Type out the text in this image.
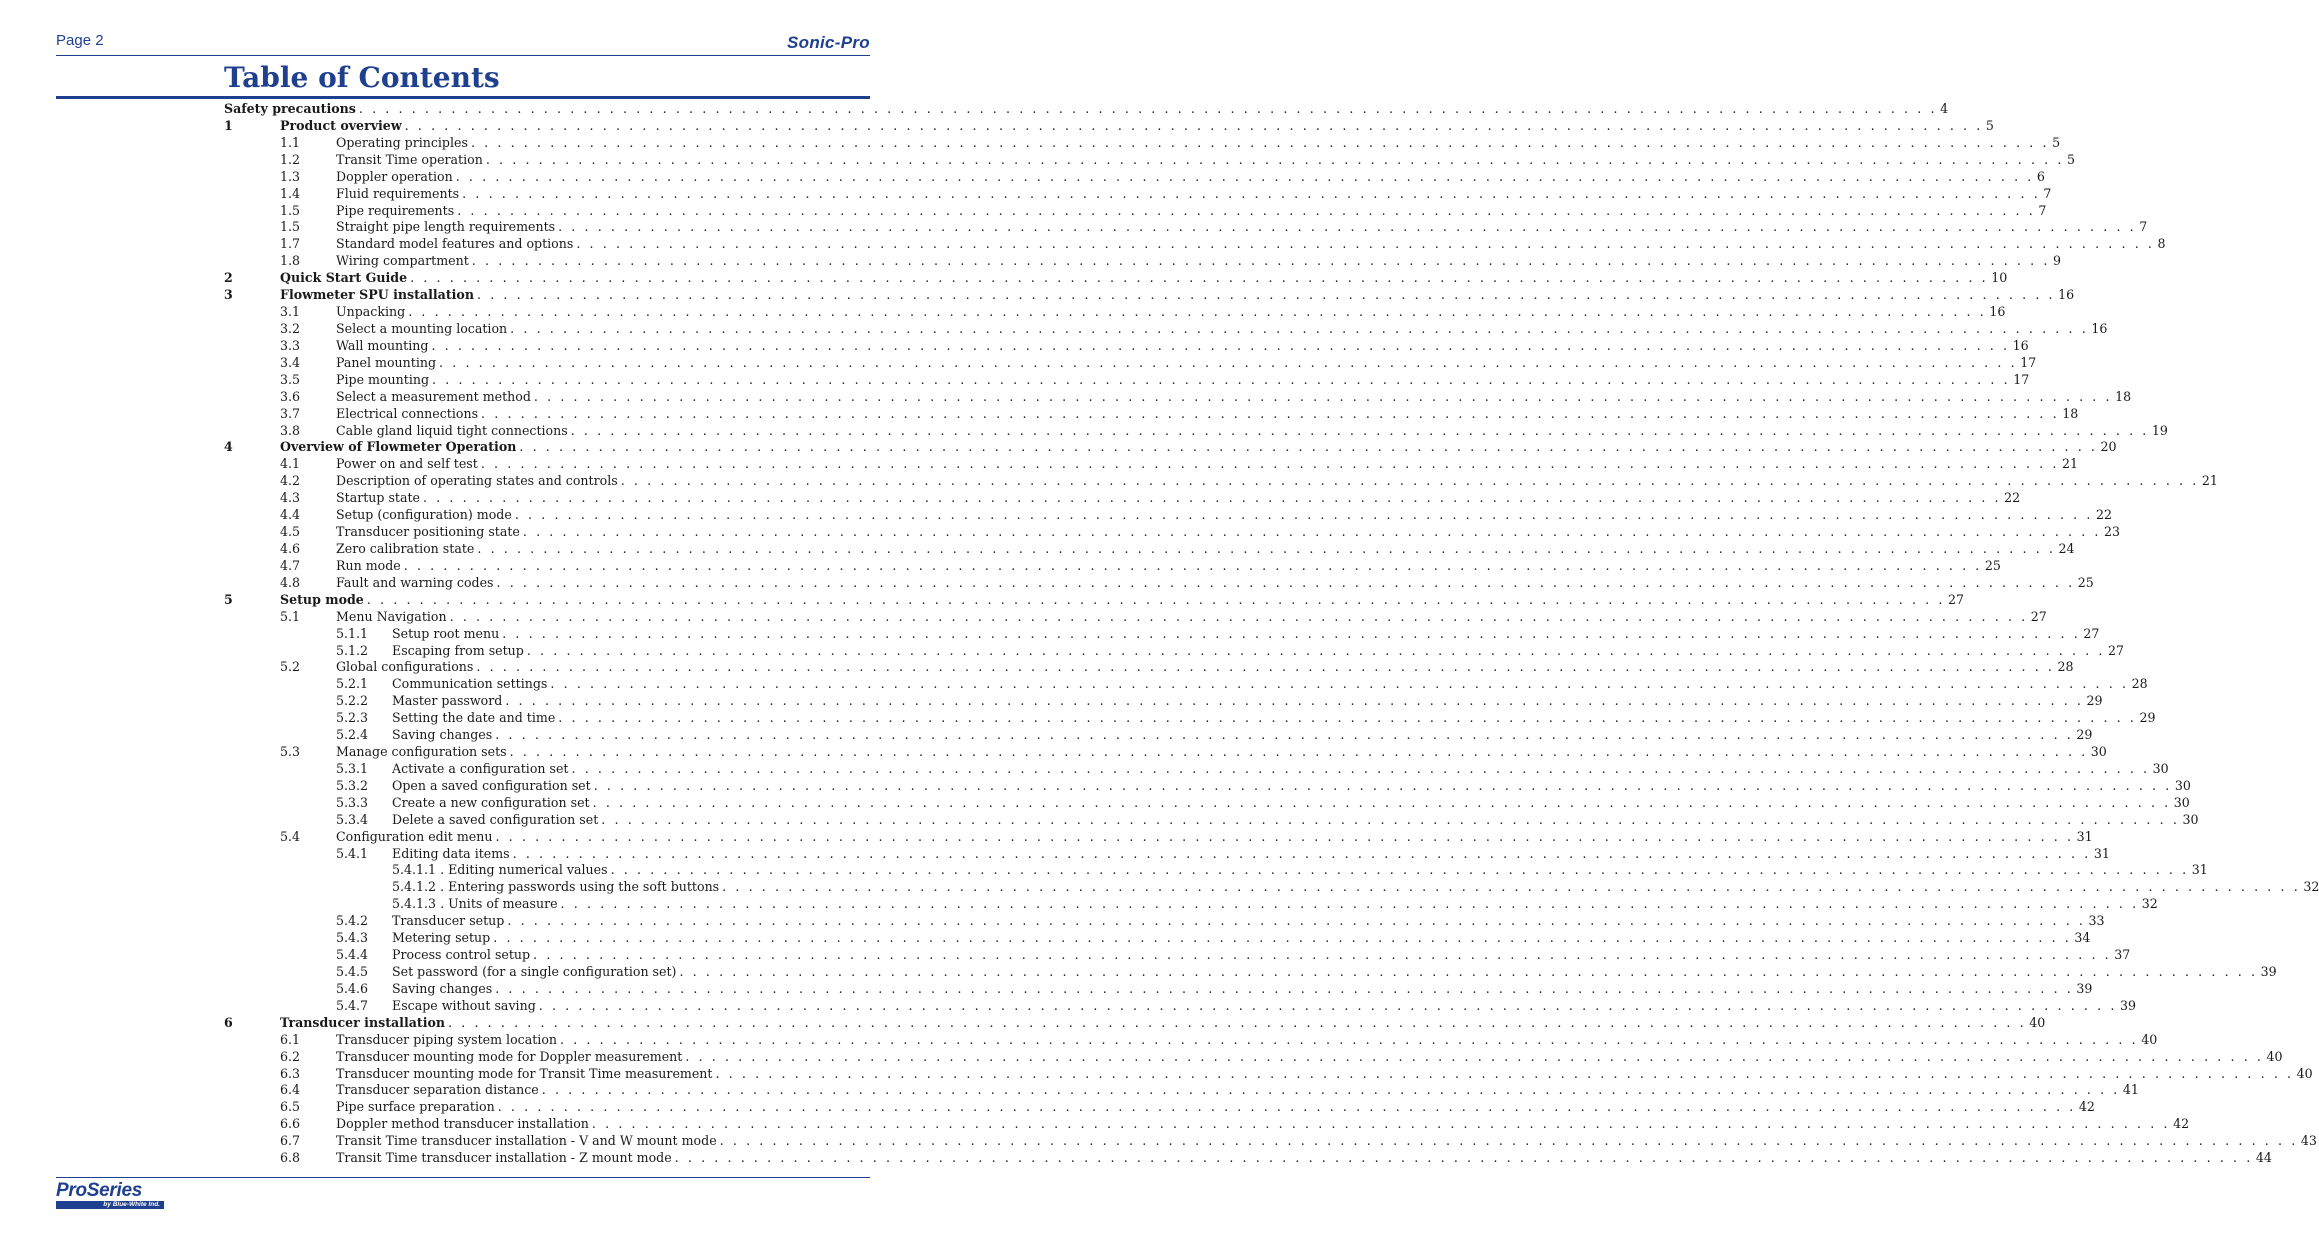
Page 2	Sonic-Pro
Table of Contents
Safety precautions . . . . . . . . . . . . . . . . . . . . . . . . . . . . . . . . . . . . . . . . . . . . . . . . . . . . . . . . . . . . . . . . . . . . . . . . . . . . . . . . . . . . . . . . . . . . . . . . . . . . . . . . . . . . . . . . . . . . . . . . 4
1	Product overview . . . . . . . . . . . . . . . . . . . . . . . . . . . . . . . . . . . . . . . . . . . . . . . . . . . . . . . . . . . . . . . . . . . . . . . . . . . . . . . . . . . . . . . . . . . . . . . . . . . . . . . . . . . . . . . . . . . . . . . . 5
1.1	Operating principles . . . . . . . . . . . . . . . . . . . . . . . . . . . . . . . . . . . . . . . . . . . . . . . . . . . . . . . . . . . . . . . . . . . . . . . . . . . . . . . . . . . . . . . . . . . . . . . . . . . . . . . . . . . . . . . . . . . . . . . . 5
1.2	Transit Time operation . . . . . . . . . . . . . . . . . . . . . . . . . . . . . . . . . . . . . . . . . . . . . . . . . . . . . . . . . . . . . . . . . . . . . . . . . . . . . . . . . . . . . . . . . . . . . . . . . . . . . . . . . . . . . . . . . . . . . . . . 5
1.3	Doppler operation . . . . . . . . . . . . . . . . . . . . . . . . . . . . . . . . . . . . . . . . . . . . . . . . . . . . . . . . . . . . . . . . . . . . . . . . . . . . . . . . . . . . . . . . . . . . . . . . . . . . . . . . . . . . . . . . . . . . . . . . 6
1.4	Fluid requirements . . . . . . . . . . . . . . . . . . . . . . . . . . . . . . . . . . . . . . . . . . . . . . . . . . . . . . . . . . . . . . . . . . . . . . . . . . . . . . . . . . . . . . . . . . . . . . . . . . . . . . . . . . . . . . . . . . . . . . . . 7
1.5	Pipe requirements . . . . . . . . . . . . . . . . . . . . . . . . . . . . . . . . . . . . . . . . . . . . . . . . . . . . . . . . . . . . . . . . . . . . . . . . . . . . . . . . . . . . . . . . . . . . . . . . . . . . . . . . . . . . . . . . . . . . . . . . 7
1.5	Straight pipe length requirements . . . . . . . . . . . . . . . . . . . . . . . . . . . . . . . . . . . . . . . . . . . . . . . . . . . . . . . . . . . . . . . . . . . . . . . . . . . . . . . . . . . . . . . . . . . . . . . . . . . . . . . . . . . . . . . . . . . . . . . . 7
1.7	Standard model features and options . . . . . . . . . . . . . . . . . . . . . . . . . . . . . . . . . . . . . . . . . . . . . . . . . . . . . . . . . . . . . . . . . . . . . . . . . . . . . . . . . . . . . . . . . . . . . . . . . . . . . . . . . . . . . . . . . . . . . . . . 8
1.8	Wiring compartment . . . . . . . . . . . . . . . . . . . . . . . . . . . . . . . . . . . . . . . . . . . . . . . . . . . . . . . . . . . . . . . . . . . . . . . . . . . . . . . . . . . . . . . . . . . . . . . . . . . . . . . . . . . . . . . . . . . . . . . . 9
2	Quick Start Guide . . . . . . . . . . . . . . . . . . . . . . . . . . . . . . . . . . . . . . . . . . . . . . . . . . . . . . . . . . . . . . . . . . . . . . . . . . . . . . . . . . . . . . . . . . . . . . . . . . . . . . . . . . . . . . . . . . . . . . . . 10
3	Flowmeter SPU installation . . . . . . . . . . . . . . . . . . . . . . . . . . . . . . . . . . . . . . . . . . . . . . . . . . . . . . . . . . . . . . . . . . . . . . . . . . . . . . . . . . . . . . . . . . . . . . . . . . . . . . . . . . . . . . . . . . . . . . . . 16
3.1	Unpacking . . . . . . . . . . . . . . . . . . . . . . . . . . . . . . . . . . . . . . . . . . . . . . . . . . . . . . . . . . . . . . . . . . . . . . . . . . . . . . . . . . . . . . . . . . . . . . . . . . . . . . . . . . . . . . . . . . . . . . . . 16
3.2	Select a mounting location . . . . . . . . . . . . . . . . . . . . . . . . . . . . . . . . . . . . . . . . . . . . . . . . . . . . . . . . . . . . . . . . . . . . . . . . . . . . . . . . . . . . . . . . . . . . . . . . . . . . . . . . . . . . . . . . . . . . . . . . 16
3.3	Wall mounting . . . . . . . . . . . . . . . . . . . . . . . . . . . . . . . . . . . . . . . . . . . . . . . . . . . . . . . . . . . . . . . . . . . . . . . . . . . . . . . . . . . . . . . . . . . . . . . . . . . . . . . . . . . . . . . . . . . . . . . . 16
3.4	Panel mounting . . . . . . . . . . . . . . . . . . . . . . . . . . . . . . . . . . . . . . . . . . . . . . . . . . . . . . . . . . . . . . . . . . . . . . . . . . . . . . . . . . . . . . . . . . . . . . . . . . . . . . . . . . . . . . . . . . . . . . . . 17
3.5	Pipe mounting . . . . . . . . . . . . . . . . . . . . . . . . . . . . . . . . . . . . . . . . . . . . . . . . . . . . . . . . . . . . . . . . . . . . . . . . . . . . . . . . . . . . . . . . . . . . . . . . . . . . . . . . . . . . . . . . . . . . . . . . 17
3.6	Select a measurement method . . . . . . . . . . . . . . . . . . . . . . . . . . . . . . . . . . . . . . . . . . . . . . . . . . . . . . . . . . . . . . . . . . . . . . . . . . . . . . . . . . . . . . . . . . . . . . . . . . . . . . . . . . . . . . . . . . . . . . . . 18
3.7	Electrical connections . . . . . . . . . . . . . . . . . . . . . . . . . . . . . . . . . . . . . . . . . . . . . . . . . . . . . . . . . . . . . . . . . . . . . . . . . . . . . . . . . . . . . . . . . . . . . . . . . . . . . . . . . . . . . . . . . . . . . . . . 18
3.8	Cable gland liquid tight connections . . . . . . . . . . . . . . . . . . . . . . . . . . . . . . . . . . . . . . . . . . . . . . . . . . . . . . . . . . . . . . . . . . . . . . . . . . . . . . . . . . . . . . . . . . . . . . . . . . . . . . . . . . . . . . . . . . . . . . . . 19
4	Overview of Flowmeter Operation . . . . . . . . . . . . . . . . . . . . . . . . . . . . . . . . . . . . . . . . . . . . . . . . . . . . . . . . . . . . . . . . . . . . . . . . . . . . . . . . . . . . . . . . . . . . . . . . . . . . . . . . . . . . . . . . . . . . . . . . 20
4.1	Power on and self test . . . . . . . . . . . . . . . . . . . . . . . . . . . . . . . . . . . . . . . . . . . . . . . . . . . . . . . . . . . . . . . . . . . . . . . . . . . . . . . . . . . . . . . . . . . . . . . . . . . . . . . . . . . . . . . . . . . . . . . . 21
4.2	Description of operating states and controls . . . . . . . . . . . . . . . . . . . . . . . . . . . . . . . . . . . . . . . . . . . . . . . . . . . . . . . . . . . . . . . . . . . . . . . . . . . . . . . . . . . . . . . . . . . . . . . . . . . . . . . . . . . . . . . . . . . . . . . . 21
4.3	Startup state . . . . . . . . . . . . . . . . . . . . . . . . . . . . . . . . . . . . . . . . . . . . . . . . . . . . . . . . . . . . . . . . . . . . . . . . . . . . . . . . . . . . . . . . . . . . . . . . . . . . . . . . . . . . . . . . . . . . . . . . 22
4.4	Setup (configuration) mode . . . . . . . . . . . . . . . . . . . . . . . . . . . . . . . . . . . . . . . . . . . . . . . . . . . . . . . . . . . . . . . . . . . . . . . . . . . . . . . . . . . . . . . . . . . . . . . . . . . . . . . . . . . . . . . . . . . . . . . . 22
4.5	Transducer positioning state . . . . . . . . . . . . . . . . . . . . . . . . . . . . . . . . . . . . . . . . . . . . . . . . . . . . . . . . . . . . . . . . . . . . . . . . . . . . . . . . . . . . . . . . . . . . . . . . . . . . . . . . . . . . . . . . . . . . . . . . 23
4.6	Zero calibration state . . . . . . . . . . . . . . . . . . . . . . . . . . . . . . . . . . . . . . . . . . . . . . . . . . . . . . . . . . . . . . . . . . . . . . . . . . . . . . . . . . . . . . . . . . . . . . . . . . . . . . . . . . . . . . . . . . . . . . . . 24
4.7	Run mode . . . . . . . . . . . . . . . . . . . . . . . . . . . . . . . . . . . . . . . . . . . . . . . . . . . . . . . . . . . . . . . . . . . . . . . . . . . . . . . . . . . . . . . . . . . . . . . . . . . . . . . . . . . . . . . . . . . . . . . . 25
4.8	Fault and warning codes . . . . . . . . . . . . . . . . . . . . . . . . . . . . . . . . . . . . . . . . . . . . . . . . . . . . . . . . . . . . . . . . . . . . . . . . . . . . . . . . . . . . . . . . . . . . . . . . . . . . . . . . . . . . . . . . . . . . . . . . 25
5	Setup mode . . . . . . . . . . . . . . . . . . . . . . . . . . . . . . . . . . . . . . . . . . . . . . . . . . . . . . . . . . . . . . . . . . . . . . . . . . . . . . . . . . . . . . . . . . . . . . . . . . . . . . . . . . . . . . . . . . . . . . . . 27
5.1	Menu Navigation . . . . . . . . . . . . . . . . . . . . . . . . . . . . . . . . . . . . . . . . . . . . . . . . . . . . . . . . . . . . . . . . . . . . . . . . . . . . . . . . . . . . . . . . . . . . . . . . . . . . . . . . . . . . . . . . . . . . . . . . 27
5.1.1 Setup root menu . . . . . . . . . . . . . . . . . . . . . . . . . . . . . . . . . . . . . . . . . . . . . . . . . . . . . . . . . . . . . . . . . . . . . . . . . . . . . . . . . . . . . . . . . . . . . . . . . . . . . . . . . . . . . . . . . . . . . . . . 27
5.1.2 Escaping from setup . . . . . . . . . . . . . . . . . . . . . . . . . . . . . . . . . . . . . . . . . . . . . . . . . . . . . . . . . . . . . . . . . . . . . . . . . . . . . . . . . . . . . . . . . . . . . . . . . . . . . . . . . . . . . . . . . . . . . . . . 27
5.2	Global configurations . . . . . . . . . . . . . . . . . . . . . . . . . . . . . . . . . . . . . . . . . . . . . . . . . . . . . . . . . . . . . . . . . . . . . . . . . . . . . . . . . . . . . . . . . . . . . . . . . . . . . . . . . . . . . . . . . . . . . . . . 28
5.2.1 Communication settings . . . . . . . . . . . . . . . . . . . . . . . . . . . . . . . . . . . . . . . . . . . . . . . . . . . . . . . . . . . . . . . . . . . . . . . . . . . . . . . . . . . . . . . . . . . . . . . . . . . . . . . . . . . . . . . . . . . . . . . . 28
5.2.2 Master password . . . . . . . . . . . . . . . . . . . . . . . . . . . . . . . . . . . . . . . . . . . . . . . . . . . . . . . . . . . . . . . . . . . . . . . . . . . . . . . . . . . . . . . . . . . . . . . . . . . . . . . . . . . . . . . . . . . . . . . . 29
5.2.3 Setting the date and time . . . . . . . . . . . . . . . . . . . . . . . . . . . . . . . . . . . . . . . . . . . . . . . . . . . . . . . . . . . . . . . . . . . . . . . . . . . . . . . . . . . . . . . . . . . . . . . . . . . . . . . . . . . . . . . . . . . . . . . . 29
5.2.4 Saving changes . . . . . . . . . . . . . . . . . . . . . . . . . . . . . . . . . . . . . . . . . . . . . . . . . . . . . . . . . . . . . . . . . . . . . . . . . . . . . . . . . . . . . . . . . . . . . . . . . . . . . . . . . . . . . . . . . . . . . . . . 29
5.3	Manage configuration sets . . . . . . . . . . . . . . . . . . . . . . . . . . . . . . . . . . . . . . . . . . . . . . . . . . . . . . . . . . . . . . . . . . . . . . . . . . . . . . . . . . . . . . . . . . . . . . . . . . . . . . . . . . . . . . . . . . . . . . . . 30
5.3.1 Activate a configuration set . . . . . . . . . . . . . . . . . . . . . . . . . . . . . . . . . . . . . . . . . . . . . . . . . . . . . . . . . . . . . . . . . . . . . . . . . . . . . . . . . . . . . . . . . . . . . . . . . . . . . . . . . . . . . . . . . . . . . . . . 30
5.3.2 Open a saved configuration set . . . . . . . . . . . . . . . . . . . . . . . . . . . . . . . . . . . . . . . . . . . . . . . . . . . . . . . . . . . . . . . . . . . . . . . . . . . . . . . . . . . . . . . . . . . . . . . . . . . . . . . . . . . . . . . . . . . . . . . . 30
5.3.3 Create a new configuration set . . . . . . . . . . . . . . . . . . . . . . . . . . . . . . . . . . . . . . . . . . . . . . . . . . . . . . . . . . . . . . . . . . . . . . . . . . . . . . . . . . . . . . . . . . . . . . . . . . . . . . . . . . . . . . . . . . . . . . . . 30
5.3.4 Delete a saved configuration set . . . . . . . . . . . . . . . . . . . . . . . . . . . . . . . . . . . . . . . . . . . . . . . . . . . . . . . . . . . . . . . . . . . . . . . . . . . . . . . . . . . . . . . . . . . . . . . . . . . . . . . . . . . . . . . . . . . . . . . . 30
5.4	Configuration edit menu . . . . . . . . . . . . . . . . . . . . . . . . . . . . . . . . . . . . . . . . . . . . . . . . . . . . . . . . . . . . . . . . . . . . . . . . . . . . . . . . . . . . . . . . . . . . . . . . . . . . . . . . . . . . . . . . . . . . . . . . 31
5.4.1 Editing data items . . . . . . . . . . . . . . . . . . . . . . . . . . . . . . . . . . . . . . . . . . . . . . . . . . . . . . . . . . . . . . . . . . . . . . . . . . . . . . . . . . . . . . . . . . . . . . . . . . . . . . . . . . . . . . . . . . . . . . . . 31
5.4.1.1 . Editing numerical values . . . . . . . . . . . . . . . . . . . . . . . . . . . . . . . . . . . . . . . . . . . . . . . . . . . . . . . . . . . . . . . . . . . . . . . . . . . . . . . . . . . . . . . . . . . . . . . . . . . . . . . . . . . . . . . . . . . . . . . . 31
5.4.1.2 . Entering passwords using the soft buttons . . . . . . . . . . . . . . . . . . . . . . . . . . . . . . . . . . . . . . . . . . . . . . . . . . . . . . . . . . . . . . . . . . . . . . . . . . . . . . . . . . . . . . . . . . . . . . . . . . . . . . . . . . . . . . . . . . . . . . . . 32
5.4.1.3 . Units of measure . . . . . . . . . . . . . . . . . . . . . . . . . . . . . . . . . . . . . . . . . . . . . . . . . . . . . . . . . . . . . . . . . . . . . . . . . . . . . . . . . . . . . . . . . . . . . . . . . . . . . . . . . . . . . . . . . . . . . . . . 32
5.4.2 Transducer setup . . . . . . . . . . . . . . . . . . . . . . . . . . . . . . . . . . . . . . . . . . . . . . . . . . . . . . . . . . . . . . . . . . . . . . . . . . . . . . . . . . . . . . . . . . . . . . . . . . . . . . . . . . . . . . . . . . . . . . . . 33
5.4.3 Metering setup . . . . . . . . . . . . . . . . . . . . . . . . . . . . . . . . . . . . . . . . . . . . . . . . . . . . . . . . . . . . . . . . . . . . . . . . . . . . . . . . . . . . . . . . . . . . . . . . . . . . . . . . . . . . . . . . . . . . . . . . 34
5.4.4 Process control setup . . . . . . . . . . . . . . . . . . . . . . . . . . . . . . . . . . . . . . . . . . . . . . . . . . . . . . . . . . . . . . . . . . . . . . . . . . . . . . . . . . . . . . . . . . . . . . . . . . . . . . . . . . . . . . . . . . . . . . . . 37
5.4.5 Set password (for a single configuration set) . . . . . . . . . . . . . . . . . . . . . . . . . . . . . . . . . . . . . . . . . . . . . . . . . . . . . . . . . . . . . . . . . . . . . . . . . . . . . . . . . . . . . . . . . . . . . . . . . . . . . . . . . . . . . . . . . . . . . . . . 39
5.4.6 Saving changes . . . . . . . . . . . . . . . . . . . . . . . . . . . . . . . . . . . . . . . . . . . . . . . . . . . . . . . . . . . . . . . . . . . . . . . . . . . . . . . . . . . . . . . . . . . . . . . . . . . . . . . . . . . . . . . . . . . . . . . . 39
5.4.7 Escape without saving . . . . . . . . . . . . . . . . . . . . . . . . . . . . . . . . . . . . . . . . . . . . . . . . . . . . . . . . . . . . . . . . . . . . . . . . . . . . . . . . . . . . . . . . . . . . . . . . . . . . . . . . . . . . . . . . . . . . . . . . 39
6	Transducer installation . . . . . . . . . . . . . . . . . . . . . . . . . . . . . . . . . . . . . . . . . . . . . . . . . . . . . . . . . . . . . . . . . . . . . . . . . . . . . . . . . . . . . . . . . . . . . . . . . . . . . . . . . . . . . . . . . . . . . . . . 40
6.1	Transducer piping system location . . . . . . . . . . . . . . . . . . . . . . . . . . . . . . . . . . . . . . . . . . . . . . . . . . . . . . . . . . . . . . . . . . . . . . . . . . . . . . . . . . . . . . . . . . . . . . . . . . . . . . . . . . . . . . . . . . . . . . . . 40
6.2	Transducer mounting mode for Doppler measurement . . . . . . . . . . . . . . . . . . . . . . . . . . . . . . . . . . . . . . . . . . . . . . . . . . . . . . . . . . . . . . . . . . . . . . . . . . . . . . . . . . . . . . . . . . . . . . . . . . . . . . . . . . . . . . . . . . . . . . . . 40
6.3	Transducer mounting mode for Transit Time measurement . . . . . . . . . . . . . . . . . . . . . . . . . . . . . . . . . . . . . . . . . . . . . . . . . . . . . . . . . . . . . . . . . . . . . . . . . . . . . . . . . . . . . . . . . . . . . . . . . . . . . . . . . . . . . . . . . . . . . . . . 40
6.4	Transducer separation distance . . . . . . . . . . . . . . . . . . . . . . . . . . . . . . . . . . . . . . . . . . . . . . . . . . . . . . . . . . . . . . . . . . . . . . . . . . . . . . . . . . . . . . . . . . . . . . . . . . . . . . . . . . . . . . . . . . . . . . . . 41
6.5	Pipe surface preparation . . . . . . . . . . . . . . . . . . . . . . . . . . . . . . . . . . . . . . . . . . . . . . . . . . . . . . . . . . . . . . . . . . . . . . . . . . . . . . . . . . . . . . . . . . . . . . . . . . . . . . . . . . . . . . . . . . . . . . . . 42
6.6	Doppler method transducer installation . . . . . . . . . . . . . . . . . . . . . . . . . . . . . . . . . . . . . . . . . . . . . . . . . . . . . . . . . . . . . . . . . . . . . . . . . . . . . . . . . . . . . . . . . . . . . . . . . . . . . . . . . . . . . . . . . . . . . . . . 42
6.7	Transit Time transducer installation - V and W mount mode . . . . . . . . . . . . . . . . . . . . . . . . . . . . . . . . . . . . . . . . . . . . . . . . . . . . . . . . . . . . . . . . . . . . . . . . . . . . . . . . . . . . . . . . . . . . . . . . . . . . . . . . . . . . . . . . . . . . . . . . 43
6.8	Transit Time transducer installation - Z mount mode . . . . . . . . . . . . . . . . . . . . . . . . . . . . . . . . . . . . . . . . . . . . . . . . . . . . . . . . . . . . . . . . . . . . . . . . . . . . . . . . . . . . . . . . . . . . . . . . . . . . . . . . . . . . . . . . . . . . . . . . 44
ProSeries
by Blue-White Ind.
